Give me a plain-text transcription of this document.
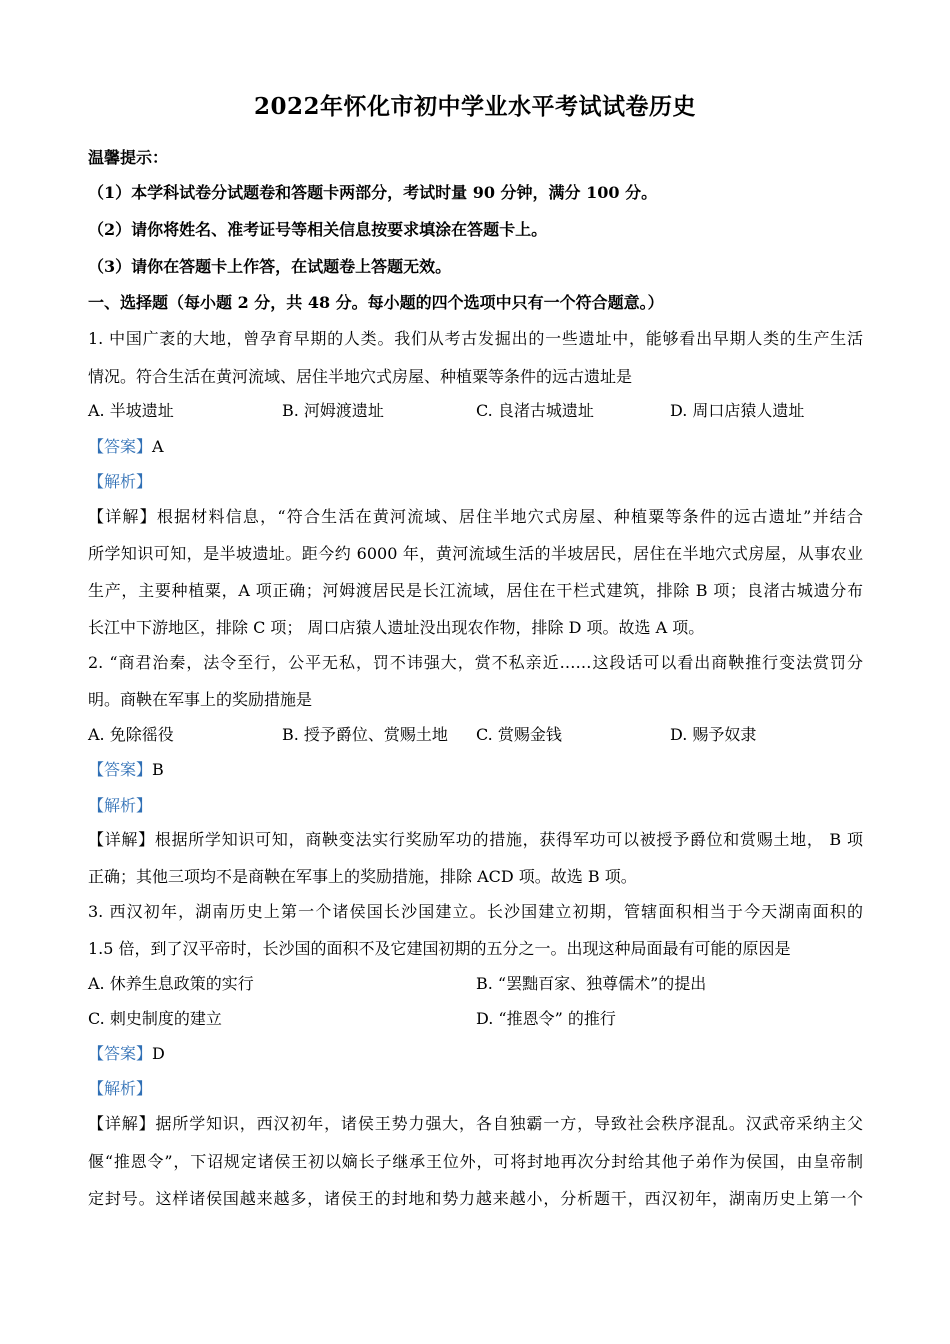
2022年怀化市初中学业水平考试试卷历史
温馨提示：
（1）本学科试卷分试题卷和答题卡两部分，考试时量 90 分钟，满分 100 分。
（2）请你将姓名、准考证号等相关信息按要求填涂在答题卡上。
（3）请你在答题卡上作答，在试题卷上答题无效。
一、选择题（每小题 2 分，共 48 分。每小题的四个选项中只有一个符合题意。）
1. 中国广袤的大地，曾孕育早期的人类。我们从考古发掘出的一些遗址中，能够看出早期人类的生产生活
情况。符合生活在黄河流域、居住半地穴式房屋、种植粟等条件的远古遗址是
A. 半坡遗址	B. 河姆渡遗址	C. 良渚古城遗址	D. 周口店猿人遗址
【答案】A
【解析】
【详解】根据材料信息，“符合生活在黄河流域、居住半地穴式房屋、种植粟等条件的远古遗址”并结合
所学知识可知，是半坡遗址。距今约 6000 年，黄河流域生活的半坡居民，居住在半地穴式房屋，从事农业
生产，主要种植粟，A 项正确；河姆渡居民是长江流域，居住在干栏式建筑，排除 B 项；良渚古城遗分布
长江中下游地区，排除 C 项； 周口店猿人遗址没出现农作物，排除 D 项。故选 A 项。
2. “商君治秦，法令至行，公平无私，罚不讳强大，赏不私亲近……这段话可以看出商鞅推行变法赏罚分
明。商鞅在军事上的奖励措施是
A. 免除徭役	B. 授予爵位、赏赐土地 C. 赏赐金钱	D. 赐予奴隶
【答案】B
【解析】
【详解】根据所学知识可知，商鞅变法实行奖励军功的措施，获得军功可以被授予爵位和赏赐土地， B 项
正确；其他三项均不是商鞅在军事上的奖励措施，排除 ACD 项。故选 B 项。
3. 西汉初年，湖南历史上第一个诸侯国长沙国建立。长沙国建立初期，管辖面积相当于今天湖南面积的
1.5 倍，到了汉平帝时，长沙国的面积不及它建国初期的五分之一。出现这种局面最有可能的原因是
A. 休养生息政策的实行	B. “罢黜百家、独尊儒术”的提出
C. 刺史制度的建立	D. “推恩令” 的推行
【答案】D
【解析】
【详解】据所学知识，西汉初年，诸侯王势力强大，各自独霸一方，导致社会秩序混乱。汉武帝采纳主父
偃“推恩令”，下诏规定诸侯王初以嫡长子继承王位外，可将封地再次分封给其他子弟作为侯国，由皇帝制
定封号。这样诸侯国越来越多，诸侯王的封地和势力越来越小，分析题干，西汉初年，湖南历史上第一个
